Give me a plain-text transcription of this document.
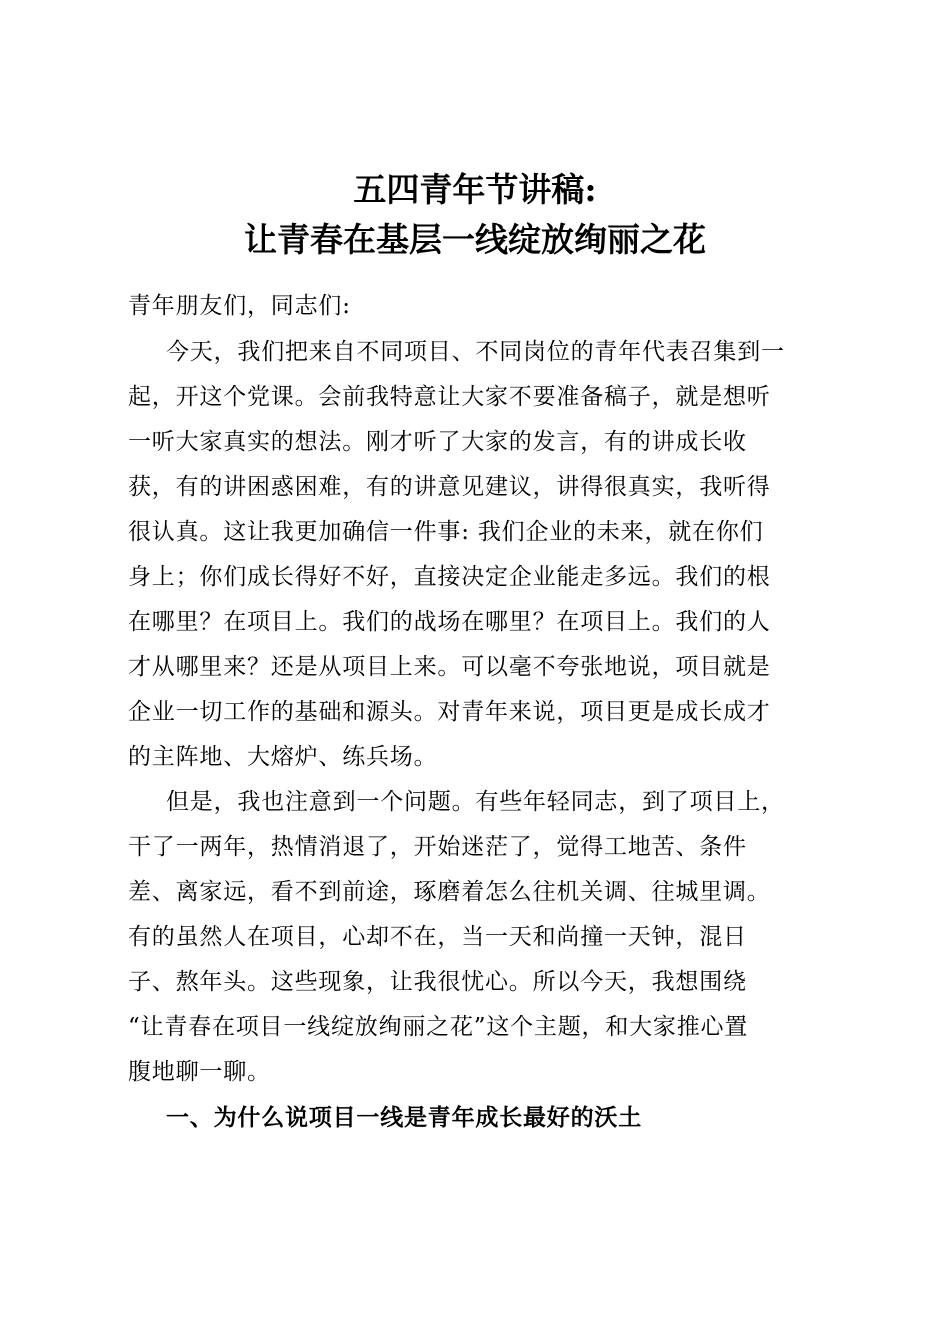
五四青年节讲稿:
让青春在基层一线绽放绚丽之花
青年朋友们，同志们:
今天，我们把来自不同项目、不同岗位的青年代表召集到一
起，开这个党课。会前我特意让大家不要准备稿子，就是想听
一听大家真实的想法。刚才听了大家的发言，有的讲成长收
获，有的讲困惑困难，有的讲意见建议，讲得很真实，我听得
很认真。这让我更加确信一件事: 我们企业的未来，就在你们
身上；你们成长得好不好，直接决定企业能走多远。我们的根
在哪里？在项目上。我们的战场在哪里？在项目上。我们的人
才从哪里来？还是从项目上来。可以毫不夸张地说，项目就是
企业一切工作的基础和源头。对青年来说，项目更是成长成才
的主阵地、大熔炉、练兵场。
但是，我也注意到一个问题。有些年轻同志，到了项目上，
干了一两年，热情消退了，开始迷茫了，觉得工地苦、条件
差、离家远，看不到前途，琢磨着怎么往机关调、往城里调。
有的虽然人在项目，心却不在，当一天和尚撞一天钟，混日
子、熬年头。这些现象，让我很忧心。所以今天，我想围绕
“让青春在项目一线绽放绚丽之花”这个主题，和大家推心置
腹地聊一聊。
一、为什么说项目一线是青年成长最好的沃土
